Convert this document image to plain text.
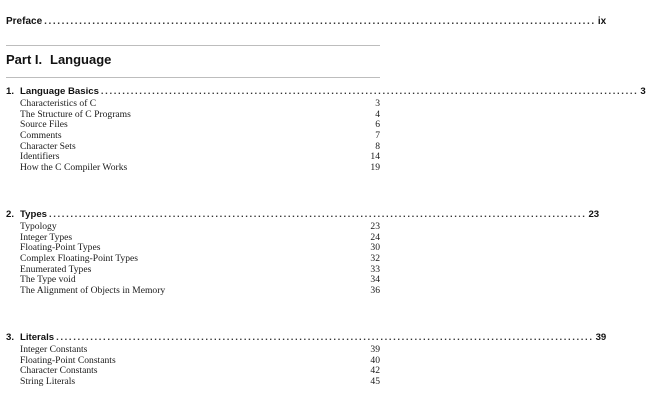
Preface .............................................................................................................................. ix
Part I. Language
1. Language Basics .............................................................................................................................. 3
Characteristics of C	3
The Structure of C Programs	4
Source Files	6
Comments	7
Character Sets	8
Identifiers	14
How the C Compiler Works	19
2. Types .............................................................................................................................. 23
Typology	23
Integer Types	24
Floating-Point Types	30
Complex Floating-Point Types	32
Enumerated Types	33
The Type void	34
The Alignment of Objects in Memory	36
3. Literals .............................................................................................................................. 39
Integer Constants	39
Floating-Point Constants	40
Character Constants	42
String Literals	45
